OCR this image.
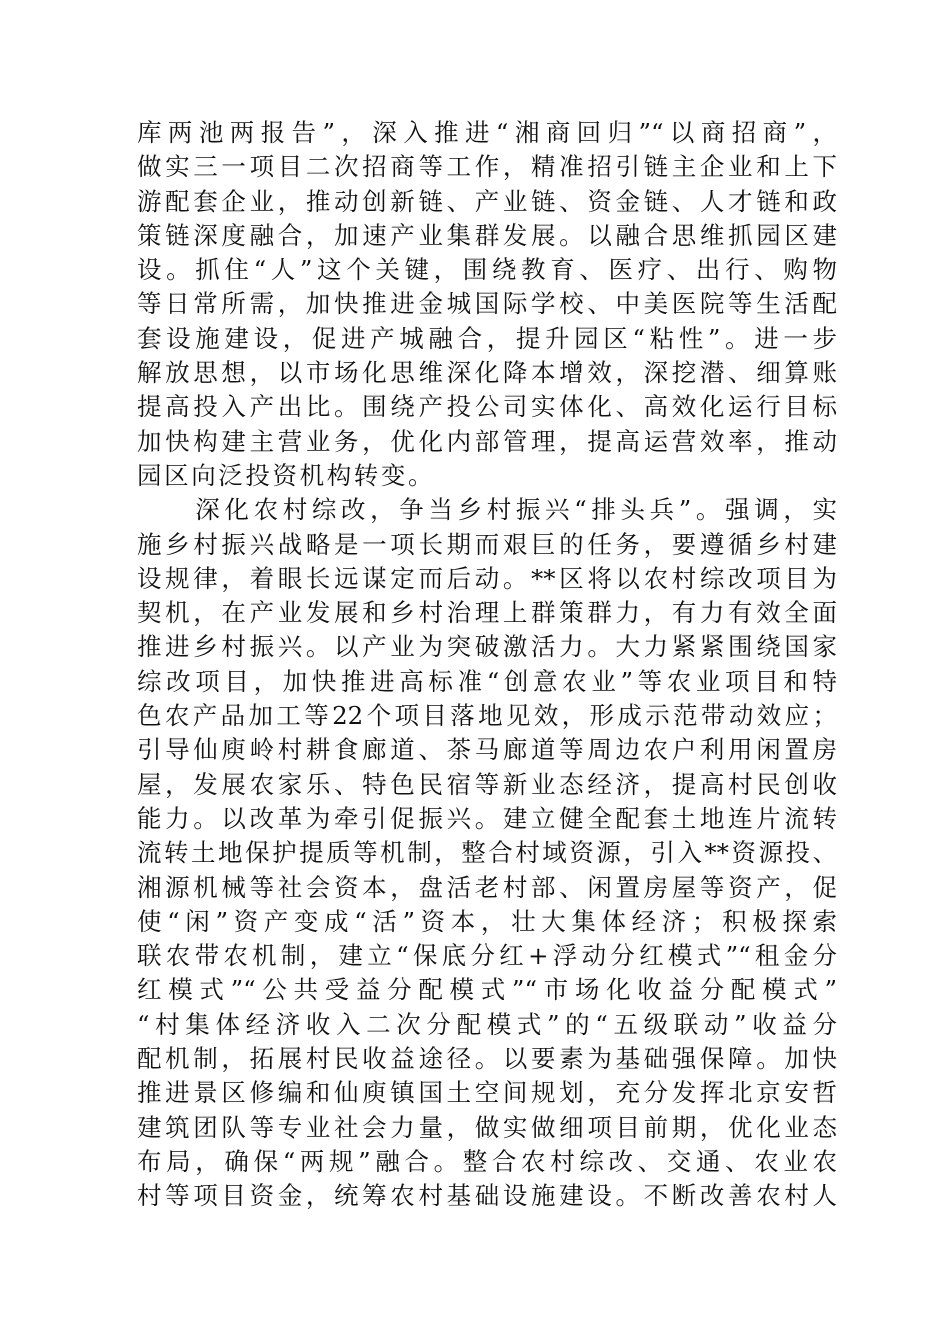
库两池两报告”，深入推进“湘商回归”“以商招商”，
做实三一项目二次招商等工作，精准招引链主企业和上下
游配套企业，推动创新链、产业链、资金链、人才链和政
策链深度融合，加速产业集群发展。以融合思维抓园区建
设。抓住“人”这个关键，围绕教育、医疗、出行、购物
等日常所需，加快推进金城国际学校、中美医院等生活配
套设施建设，促进产城融合，提升园区“粘性”。进一步
解放思想，以市场化思维深化降本增效，深挖潜、细算账
提高投入产出比。围绕产投公司实体化、高效化运行目标
加快构建主营业务，优化内部管理，提高运营效率，推动
园区向泛投资机构转变。
　　深化农村综改，争当乡村振兴“排头兵”。强调，实
施乡村振兴战略是一项长期而艰巨的任务，要遵循乡村建
设规律，着眼长远谋定而后动。**区将以农村综改项目为
契机，在产业发展和乡村治理上群策群力，有力有效全面
推进乡村振兴。以产业为突破激活力。大力紧紧围绕国家
综改项目，加快推进高标准“创意农业”等农业项目和特
色农产品加工等22个项目落地见效，形成示范带动效应；
引导仙庾岭村耕食廊道、茶马廊道等周边农户利用闲置房
屋，发展农家乐、特色民宿等新业态经济，提高村民创收
能力。以改革为牵引促振兴。建立健全配套土地连片流转
流转土地保护提质等机制，整合村域资源，引入**资源投、
湘源机械等社会资本，盘活老村部、闲置房屋等资产，促
使“闲”资产变成“活”资本，壮大集体经济；积极探索
联农带农机制，建立“保底分红+浮动分红模式”“租金分
红模式”“公共受益分配模式”“市场化收益分配模式”
“村集体经济收入二次分配模式”的“五级联动”收益分
配机制，拓展村民收益途径。以要素为基础强保障。加快
推进景区修编和仙庾镇国土空间规划，充分发挥北京安哲
建筑团队等专业社会力量，做实做细项目前期，优化业态
布局，确保“两规”融合。整合农村综改、交通、农业农
村等项目资金，统筹农村基础设施建设。不断改善农村人
